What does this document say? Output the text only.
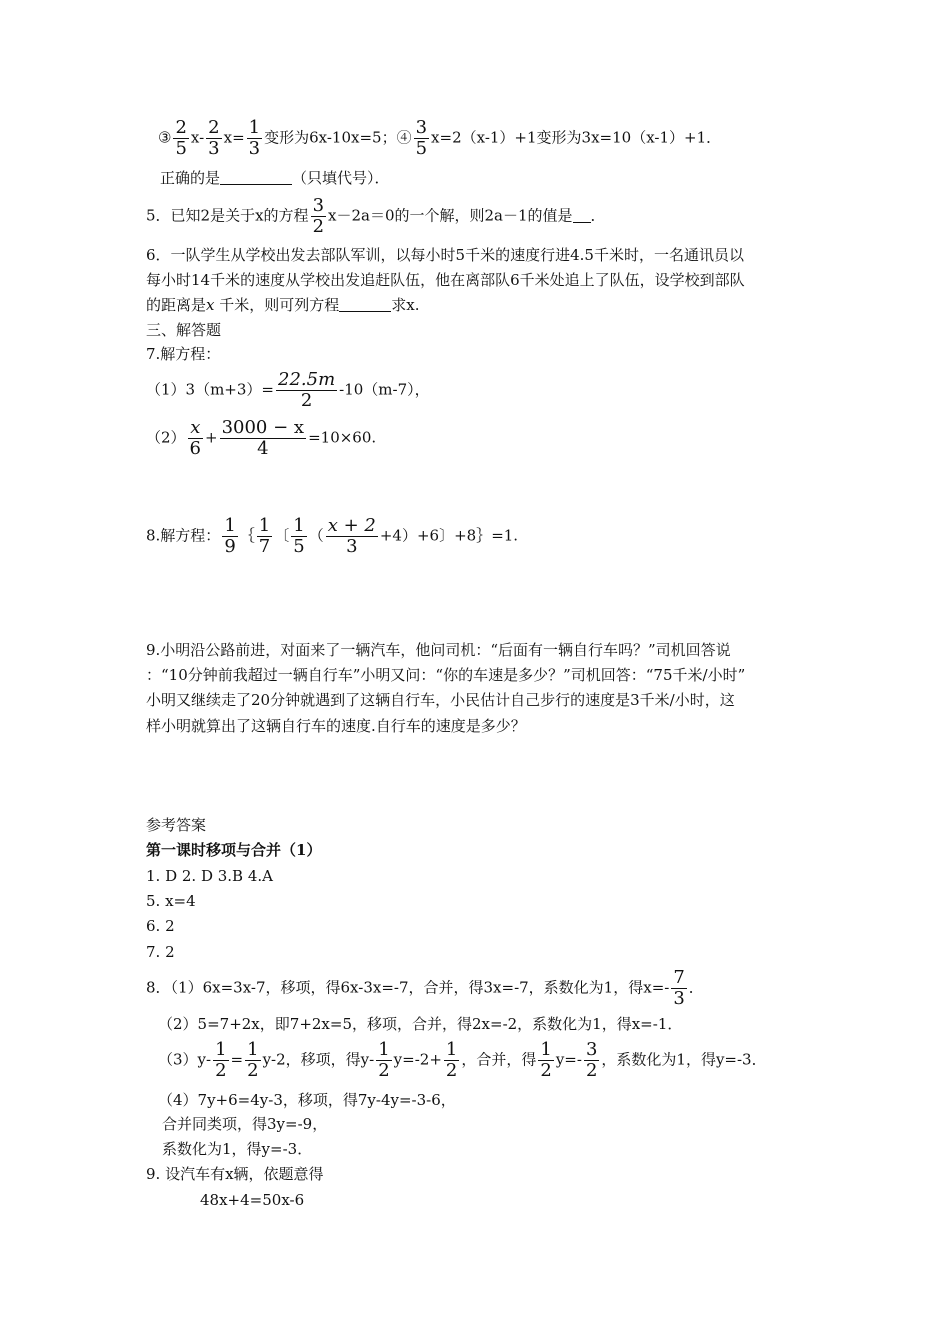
③ $\frac{2}{5} x- \frac{2}{3} x= \frac{1}{3}$ 变形为6x-10x=5；④ $\frac{3}{5} x=2(x-1)+1$变形为3x=10（x-1）+1．
正确的是	（只填代号）．
5．已知2是关于x的方程 $\frac{3}{2} x-2a=0$的一个解，则2a－1的值是 ．
6．一队学生从学校出发去部队军训，以每小时5千米的速度行进4.5千米时，一名通讯员以
每小时14千米的速度从学校出发追赶队伍，他在离部队6千米处追上了队伍，设学校到部队
的距离是x 千米，则可列方程	求x.
三、解答题
7.解方程：
$(1)3(m+3)= \frac{22.5m}{2} -10(m-7)$，
$(2) \frac{x}{6} + \frac{3000 - x}{4} =10\times 60$.
8.解方程： $\frac{1}{9}$ ｛ $\frac{1}{7}$ 〔 $\frac{1}{5}$ （ $\frac{x + 2}{3} +4)+6$〕+8｝=1.
9.小明沿公路前进，对面来了一辆汽车，他问司机：“后面有一辆自行车吗？”司机回答说
：“10分钟前我超过一辆自行车”小明又问：“你的车速是多少？”司机回答：“75千米/小时”
小明又继续走了20分钟就遇到了这辆自行车，小民估计自己步行的速度是3千米/小时，这
样小明就算出了这辆自行车的速度.自行车的速度是多少？
参考答案
第一课时移项与合并（1）
1. D 2. D 3.B 4.A
5. x=4
6. 2
7. 2
8．（1）6x=3x-7，移项，得6x-3x=-7，合并，得3x=-7，系数化为1，得$x=- \frac{7}{3}$ ．
（2）5=7+2x，即7+2x=5，移项，合并，得2x=-2，系数化为1，得x=-1．
$(3)y- \frac{1}{2} = \frac{1}{2} y-2$，移项，得$y- \frac{1}{2} y=-2+ \frac{1}{2}$ ，合并，得 $\frac{1}{2} y=- \frac{3}{2}$ ，系数化为1，得y=-3．
（4）7y+6=4y-3，移项，得7y-4y=-3-6，
合并同类项，得3y=-9，
系数化为1，得y=-3．
9. 设汽车有x辆，依题意得
48x+4=50x-6
